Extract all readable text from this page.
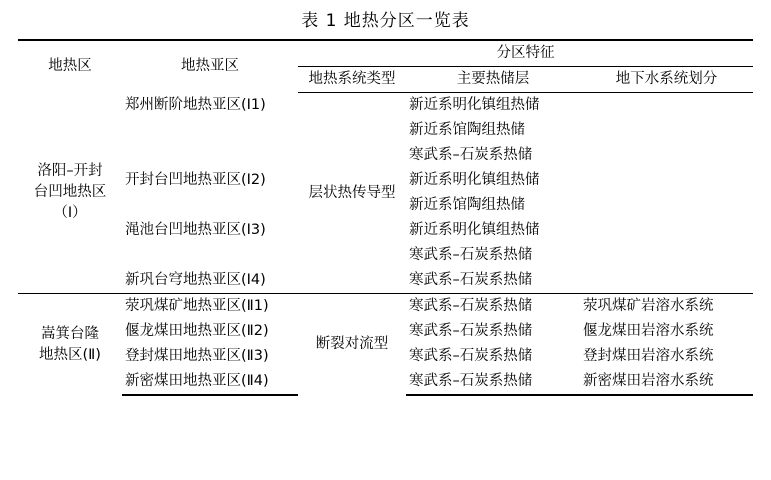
表 1 地热分区一览表
地热区	地热亚区	分区特征		
		地热系统类型	主要热储层	地下水系统划分

洛阳–开封
台凹地热区
（Ⅰ）	郑州断阶地热亚区(Ⅰ1)	层状热传导型	新近系明化镇组热储	
			新近系馆陶组热储	
			寒武系–石炭系热储	
	开封台凹地热亚区(Ⅰ2)		新近系明化镇组热储	
			新近系馆陶组热储	
	渑池台凹地热亚区(Ⅰ3)		新近系明化镇组热储	
			寒武系–石炭系热储	
	新巩台穹地热亚区(Ⅰ4)		寒武系–石炭系热储	

嵩箕台隆
地热区(Ⅱ)	荥巩煤矿地热亚区(Ⅱ1)	断裂对流型	寒武系–石炭系热储	荥巩煤矿岩溶水系统
	偃龙煤田地热亚区(Ⅱ2)		寒武系–石炭系热储	偃龙煤田岩溶水系统
	登封煤田地热亚区(Ⅱ3)		寒武系–石炭系热储	登封煤田岩溶水系统
	新密煤田地热亚区(Ⅱ4)		寒武系–石炭系热储	新密煤田岩溶水系统
